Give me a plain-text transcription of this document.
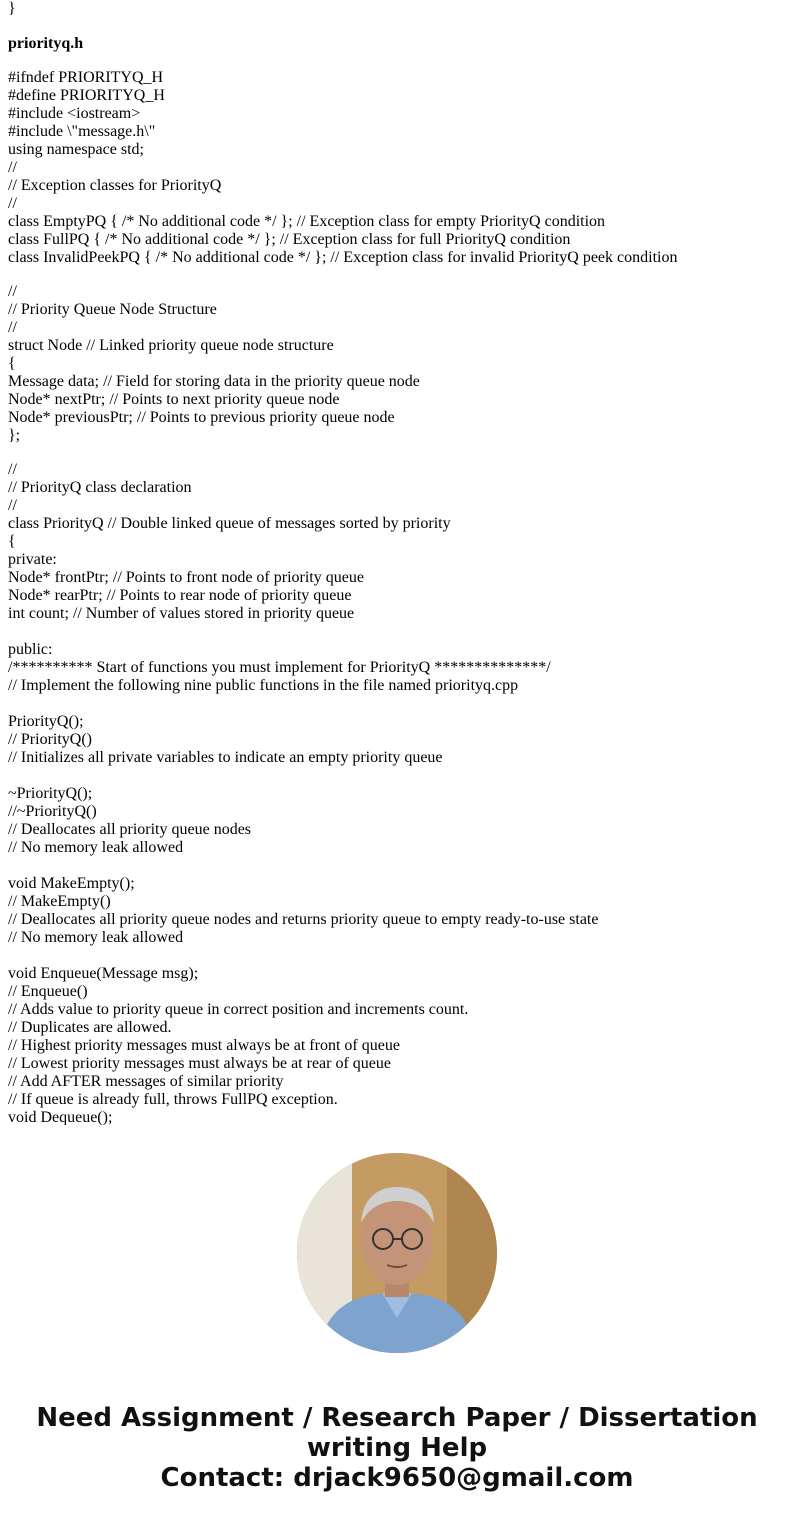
}
priorityq.h
#ifndef PRIORITYQ_H
#define PRIORITYQ_H
#include <iostream>
#include \"message.h\"
using namespace std;
//
// Exception classes for PriorityQ
//
class EmptyPQ { /* No additional code */ }; // Exception class for empty PriorityQ condition
class FullPQ { /* No additional code */ }; // Exception class for full PriorityQ condition
class InvalidPeekPQ { /* No additional code */ }; // Exception class for invalid PriorityQ peek condition
//
// Priority Queue Node Structure
//
struct Node // Linked priority queue node structure
{
Message data; // Field for storing data in the priority queue node
Node* nextPtr; // Points to next priority queue node
Node* previousPtr; // Points to previous priority queue node
};
//
// PriorityQ class declaration
//
class PriorityQ // Double linked queue of messages sorted by priority
{
private:
Node* frontPtr; // Points to front node of priority queue
Node* rearPtr; // Points to rear node of priority queue
int count; // Number of values stored in priority queue
public:
/********** Start of functions you must implement for PriorityQ **************/
// Implement the following nine public functions in the file named priorityq.cpp
PriorityQ();
// PriorityQ()
// Initializes all private variables to indicate an empty priority queue
~PriorityQ();
//~PriorityQ()
// Deallocates all priority queue nodes
// No memory leak allowed
void MakeEmpty();
// MakeEmpty()
// Deallocates all priority queue nodes and returns priority queue to empty ready-to-use state
// No memory leak allowed
void Enqueue(Message msg);
// Enqueue()
// Adds value to priority queue in correct position and increments count.
// Duplicates are allowed.
// Highest priority messages must always be at front of queue
// Lowest priority messages must always be at rear of queue
// Add AFTER messages of similar priority
// If queue is already full, throws FullPQ exception.
void Dequeue();
Need Assignment / Research Paper / Dissertation
writing Help
Contact: drjack9650@gmail.com
